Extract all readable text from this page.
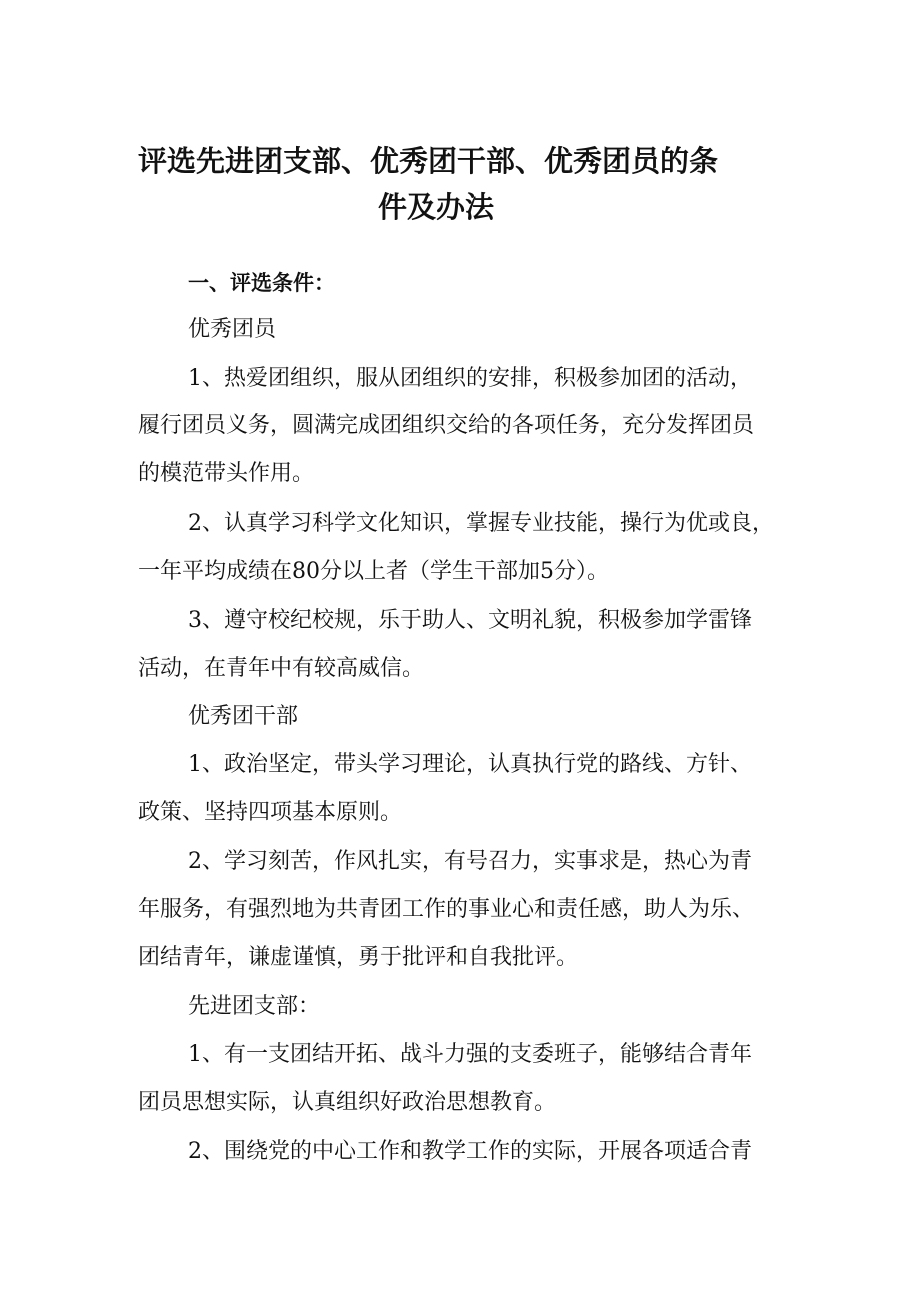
评选先进团支部、优秀团干部、优秀团员的条
件及办法
一、评选条件：
优秀团员
1、热爱团组织，服从团组织的安排，积极参加团的活动，
履行团员义务，圆满完成团组织交给的各项任务，充分发挥团员
的模范带头作用。
2、认真学习科学文化知识，掌握专业技能，操行为优或良，
一年平均成绩在80分以上者（学生干部加5分）。
3、遵守校纪校规，乐于助人、文明礼貌，积极参加学雷锋
活动，在青年中有较高威信。
优秀团干部
1、政治坚定，带头学习理论，认真执行党的路线、方针、
政策、坚持四项基本原则。
2、学习刻苦，作风扎实，有号召力，实事求是，热心为青
年服务，有强烈地为共青团工作的事业心和责任感，助人为乐、
团结青年，谦虚谨慎，勇于批评和自我批评。
先进团支部：
1、有一支团结开拓、战斗力强的支委班子，能够结合青年
团员思想实际，认真组织好政治思想教育。
2、围绕党的中心工作和教学工作的实际，开展各项适合青
